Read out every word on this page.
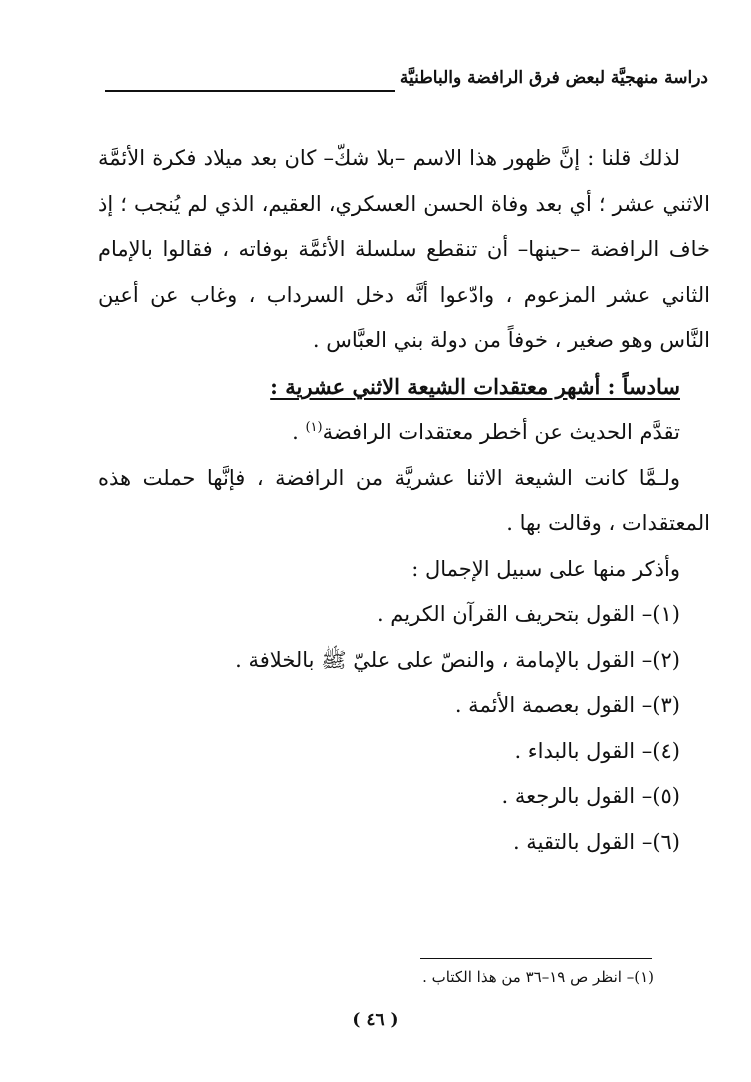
دراسة منهجيَّة لبعض فرق الرافضة والباطنيَّة

لذلك قلنا : إنَّ ظهور هذا الاسم –بلا شكّ– كان بعد ميلاد فكرة الأئمَّة الاثني عشر ؛ أي بعد وفاة الحسن العسكري، العقيم، الذي لم يُنجب ؛ إذ خاف الرافضة –حينها– أن تنقطع سلسلة الأئمَّة بوفاته ، فقالوا بالإمام الثاني عشر المزعوم ، وادّعوا أنَّه دخل السرداب ، وغاب عن أعين النَّاس وهو صغير ، خوفاً من دولة بني العبَّاس .

سادساً : أشهر معتقدات الشيعة الاثني عشرية :

تقدَّم الحديث عن أخطر معتقدات الرافضة$^{(١)}$ .

ولـمَّا كانت الشيعة الاثنا عشريَّة من الرافضة ، فإنَّها حملت هذه المعتقدات ، وقالت بها .

وأذكر منها على سبيل الإجمال :

(١)– القول بتحريف القرآن الكريم .
(٢)– القول بالإمامة ، والنصّ على عليّ ﷺ بالخلافة .
(٣)– القول بعصمة الأئمة .
(٤)– القول بالبداء .
(٥)– القول بالرجعة .
(٦)– القول بالتقية .
(١)– انظر ص ١٩–٣٦ من هذا الكتاب .
( ٤٦ )
